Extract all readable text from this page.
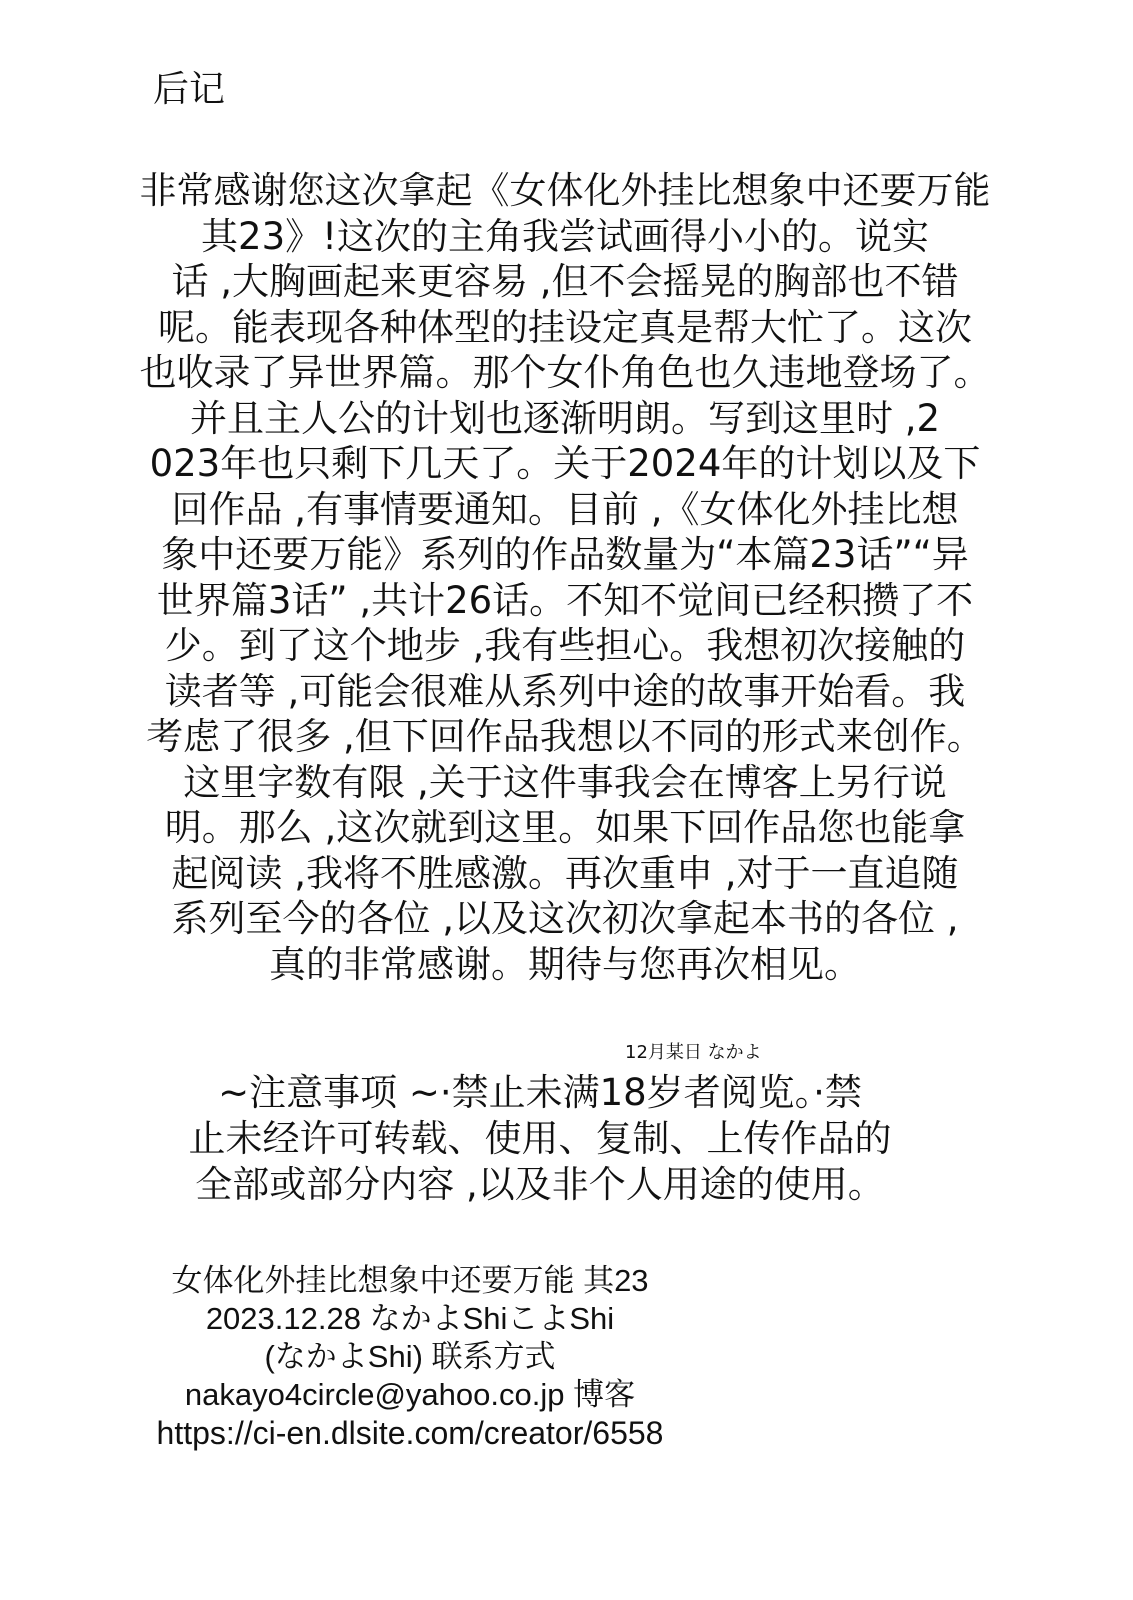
后记
非常感谢您这次拿起《女体化外挂比想象中还要万能
其23》!这次的主角我尝试画得小小的。说实
话 ,大胸画起来更容易 ,但不会摇晃的胸部也不错
呢。能表现各种体型的挂设定真是帮大忙了。这次
也收录了异世界篇。那个女仆角色也久违地登场了。
并且主人公的计划也逐渐明朗。写到这里时 ,2
023年也只剩下几天了。关于2024年的计划以及下
回作品 ,有事情要通知。目前 ,《女体化外挂比想
象中还要万能》系列的作品数量为“本篇23话”“异
世界篇3话” ,共计26话。不知不觉间已经积攒了不
少。到了这个地步 ,我有些担心。我想初次接触的
读者等 ,可能会很难从系列中途的故事开始看。我
考虑了很多 ,但下回作品我想以不同的形式来创作。
这里字数有限 ,关于这件事我会在博客上另行说
明。那么 ,这次就到这里。如果下回作品您也能拿
起阅读 ,我将不胜感激。再次重申 ,对于一直追随
系列至今的各位 ,以及这次初次拿起本书的各位 ,
真的非常感谢。期待与您再次相见。
12月某日 なかよ
~注意事项 ~·禁止未满18岁者阅览。·禁
止未经许可转载、使用、复制、上传作品的
全部或部分内容 ,以及非个人用途的使用。
女体化外挂比想象中还要万能 其23
2023.12.28 なかよShiこよShi
(なかよShi) 联系方式
nakayo4circle@yahoo.co.jp 博客
https://ci-en.dlsite.com/creator/6558
